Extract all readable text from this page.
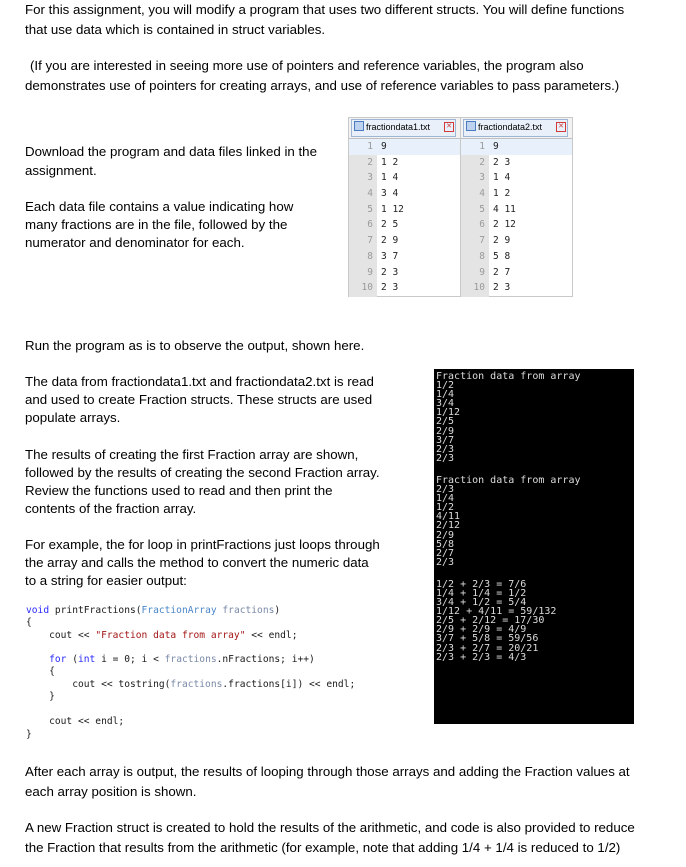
For this assignment, you will modify a program that uses two different structs. You will define functions

that use data which is contained in struct variables.

(If you are interested in seeing more use of pointers and reference variables, the program also

demonstrates use of pointers for creating arrays, and use of reference variables to pass parameters.)

Download the program and data files linked in the

assignment.

Each data file contains a value indicating how

many fractions are in the file, followed by the

numerator and denominator for each.

fractiondata1.txt ✕
1 9
2 1 2
3 1 4
4 3 4
5 1 12
6 2 5
7 2 9
8 3 7
9 2 3
10 2 3
fractiondata2.txt ✕
1 9
2 2 3
3 1 4
4 1 2
5 4 11
6 2 12
7 2 9
8 5 8
9 2 7
10 2 3

Run the program as is to observe the output, shown here.

The data from fractiondata1.txt and fractiondata2.txt is read

and used to create Fraction structs. These structs are used

populate arrays.

The results of creating the first Fraction array are shown,

followed by the results of creating the second Fraction array.

Review the functions used to read and then print the

contents of the fraction array.

For example, the for loop in printFractions just loops through

the array and calls the method to convert the numeric data

to a string for easier output:

void printFractions(FractionArray fractions)
{
cout << "Fraction data from array" << endl;
for (int i = 0; i < fractions.nFractions; i++)
{
cout << tostring(fractions.fractions[i]) << endl;
}
cout << endl;
}
Fraction data from array
1/2
1/4
3/4
1/12
2/5
2/9
3/7
2/3
2/3
Fraction data from array
2/3
1/4
1/2
4/11
2/12
2/9
5/8
2/7
2/3
1/2 + 2/3 = 7/6
1/4 + 1/4 = 1/2
3/4 + 1/2 = 5/4
1/12 + 4/11 = 59/132
2/5 + 2/12 = 17/30
2/9 + 2/9 = 4/9
3/7 + 5/8 = 59/56
2/3 + 2/7 = 20/21
2/3 + 2/3 = 4/3

After each array is output, the results of looping through those arrays and adding the Fraction values at

each array position is shown.

A new Fraction struct is created to hold the results of the arithmetic, and code is also provided to reduce

the Fraction that results from the arithmetic (for example, note that adding 1/4 + 1/4 is reduced to 1/2)
